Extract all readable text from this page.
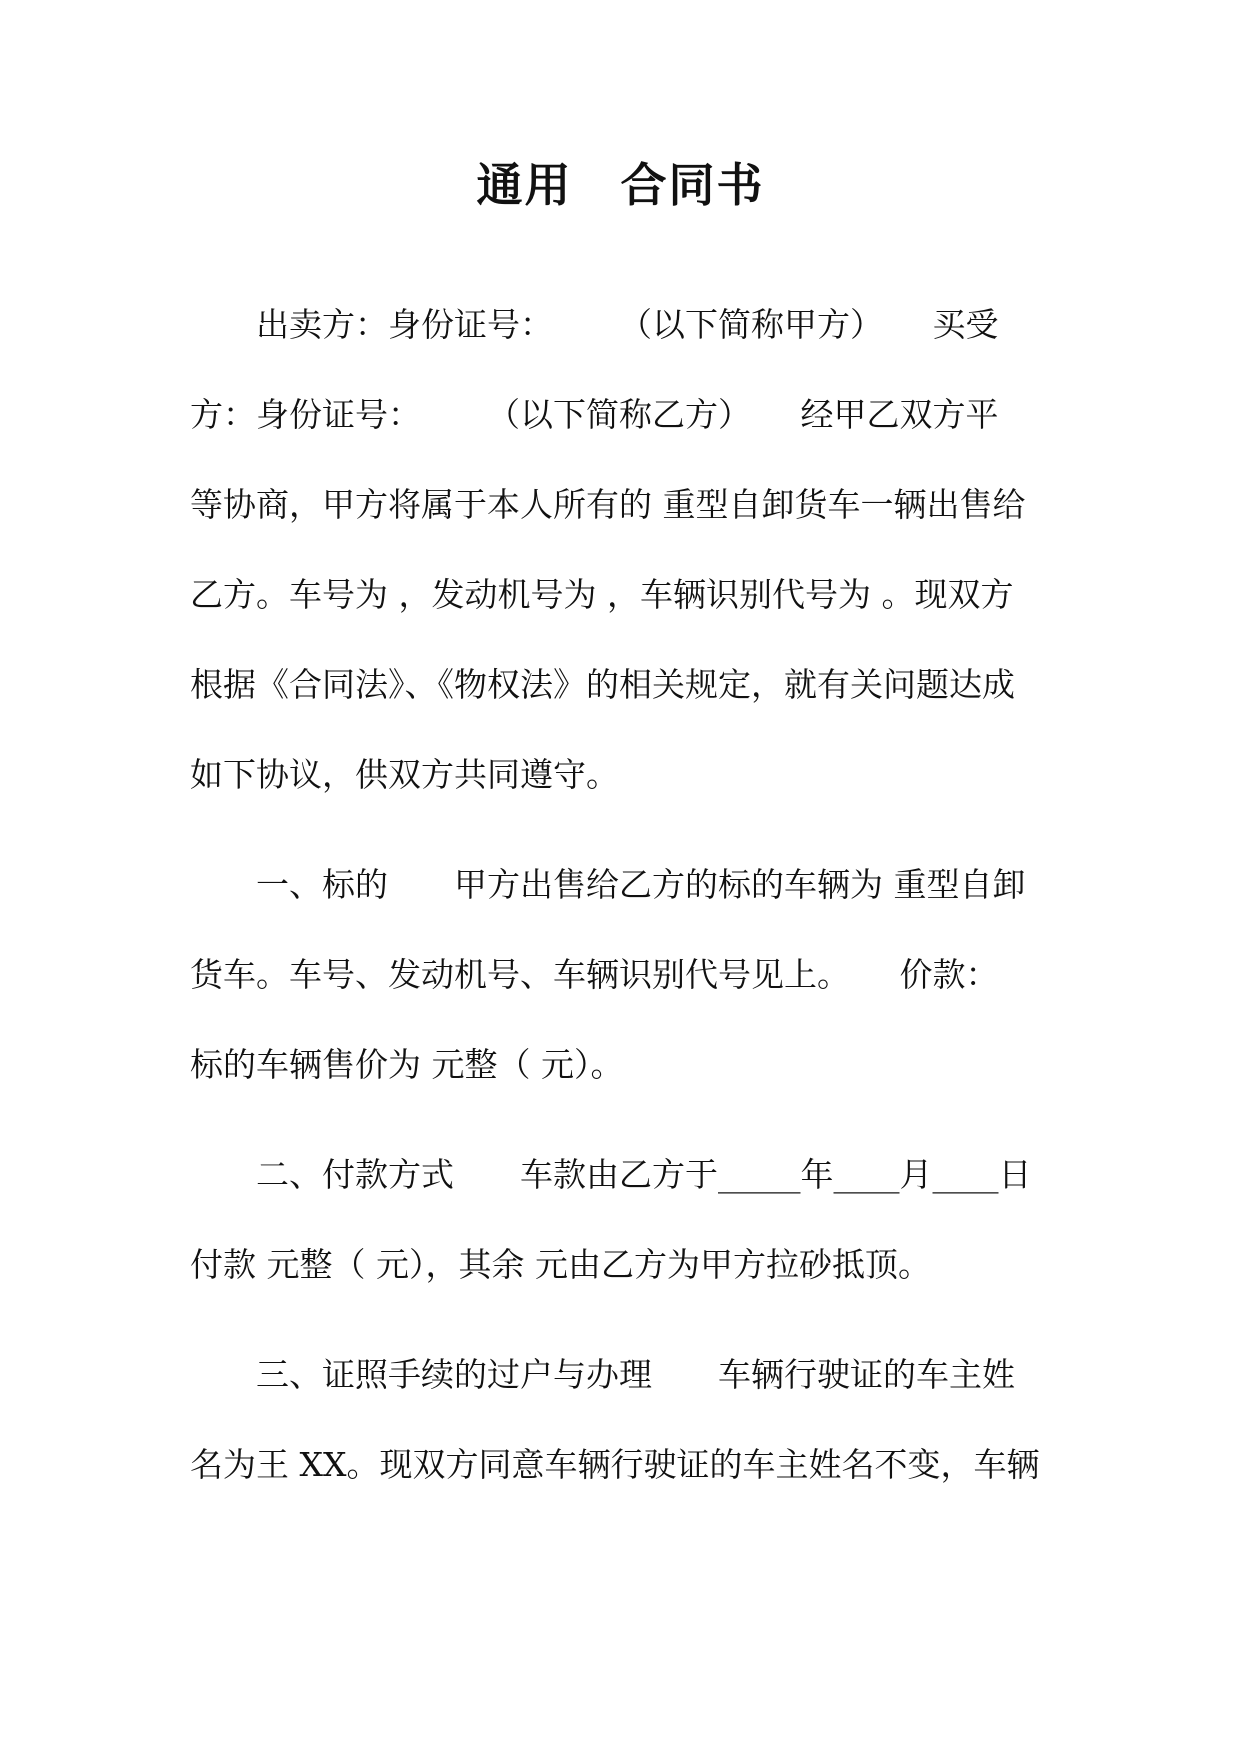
通用　合同书
出卖方：身份证号：　　　（以下简称甲方）　　买受
方：身份证号：　　　（以下简称乙方）　　经甲乙双方平
等协商，甲方将属于本人所有的 重型自卸货车一辆出售给
乙方。车号为 ，发动机号为 ，车辆识别代号为 。现双方
根据《合同法》、《物权法》的相关规定，就有关问题达成
如下协议，供双方共同遵守。
一、标的　　甲方出售给乙方的标的车辆为 重型自卸
货车。车号、发动机号、车辆识别代号见上。　　价款：
标的车辆售价为 元整（ 元）。
二、付款方式　　车款由乙方于_____年____月____日
付款 元整（ 元），其余 元由乙方为甲方拉砂抵顶。
三、证照手续的过户与办理　　车辆行驶证的车主姓
名为王 XX。现双方同意车辆行驶证的车主姓名不变，车辆
